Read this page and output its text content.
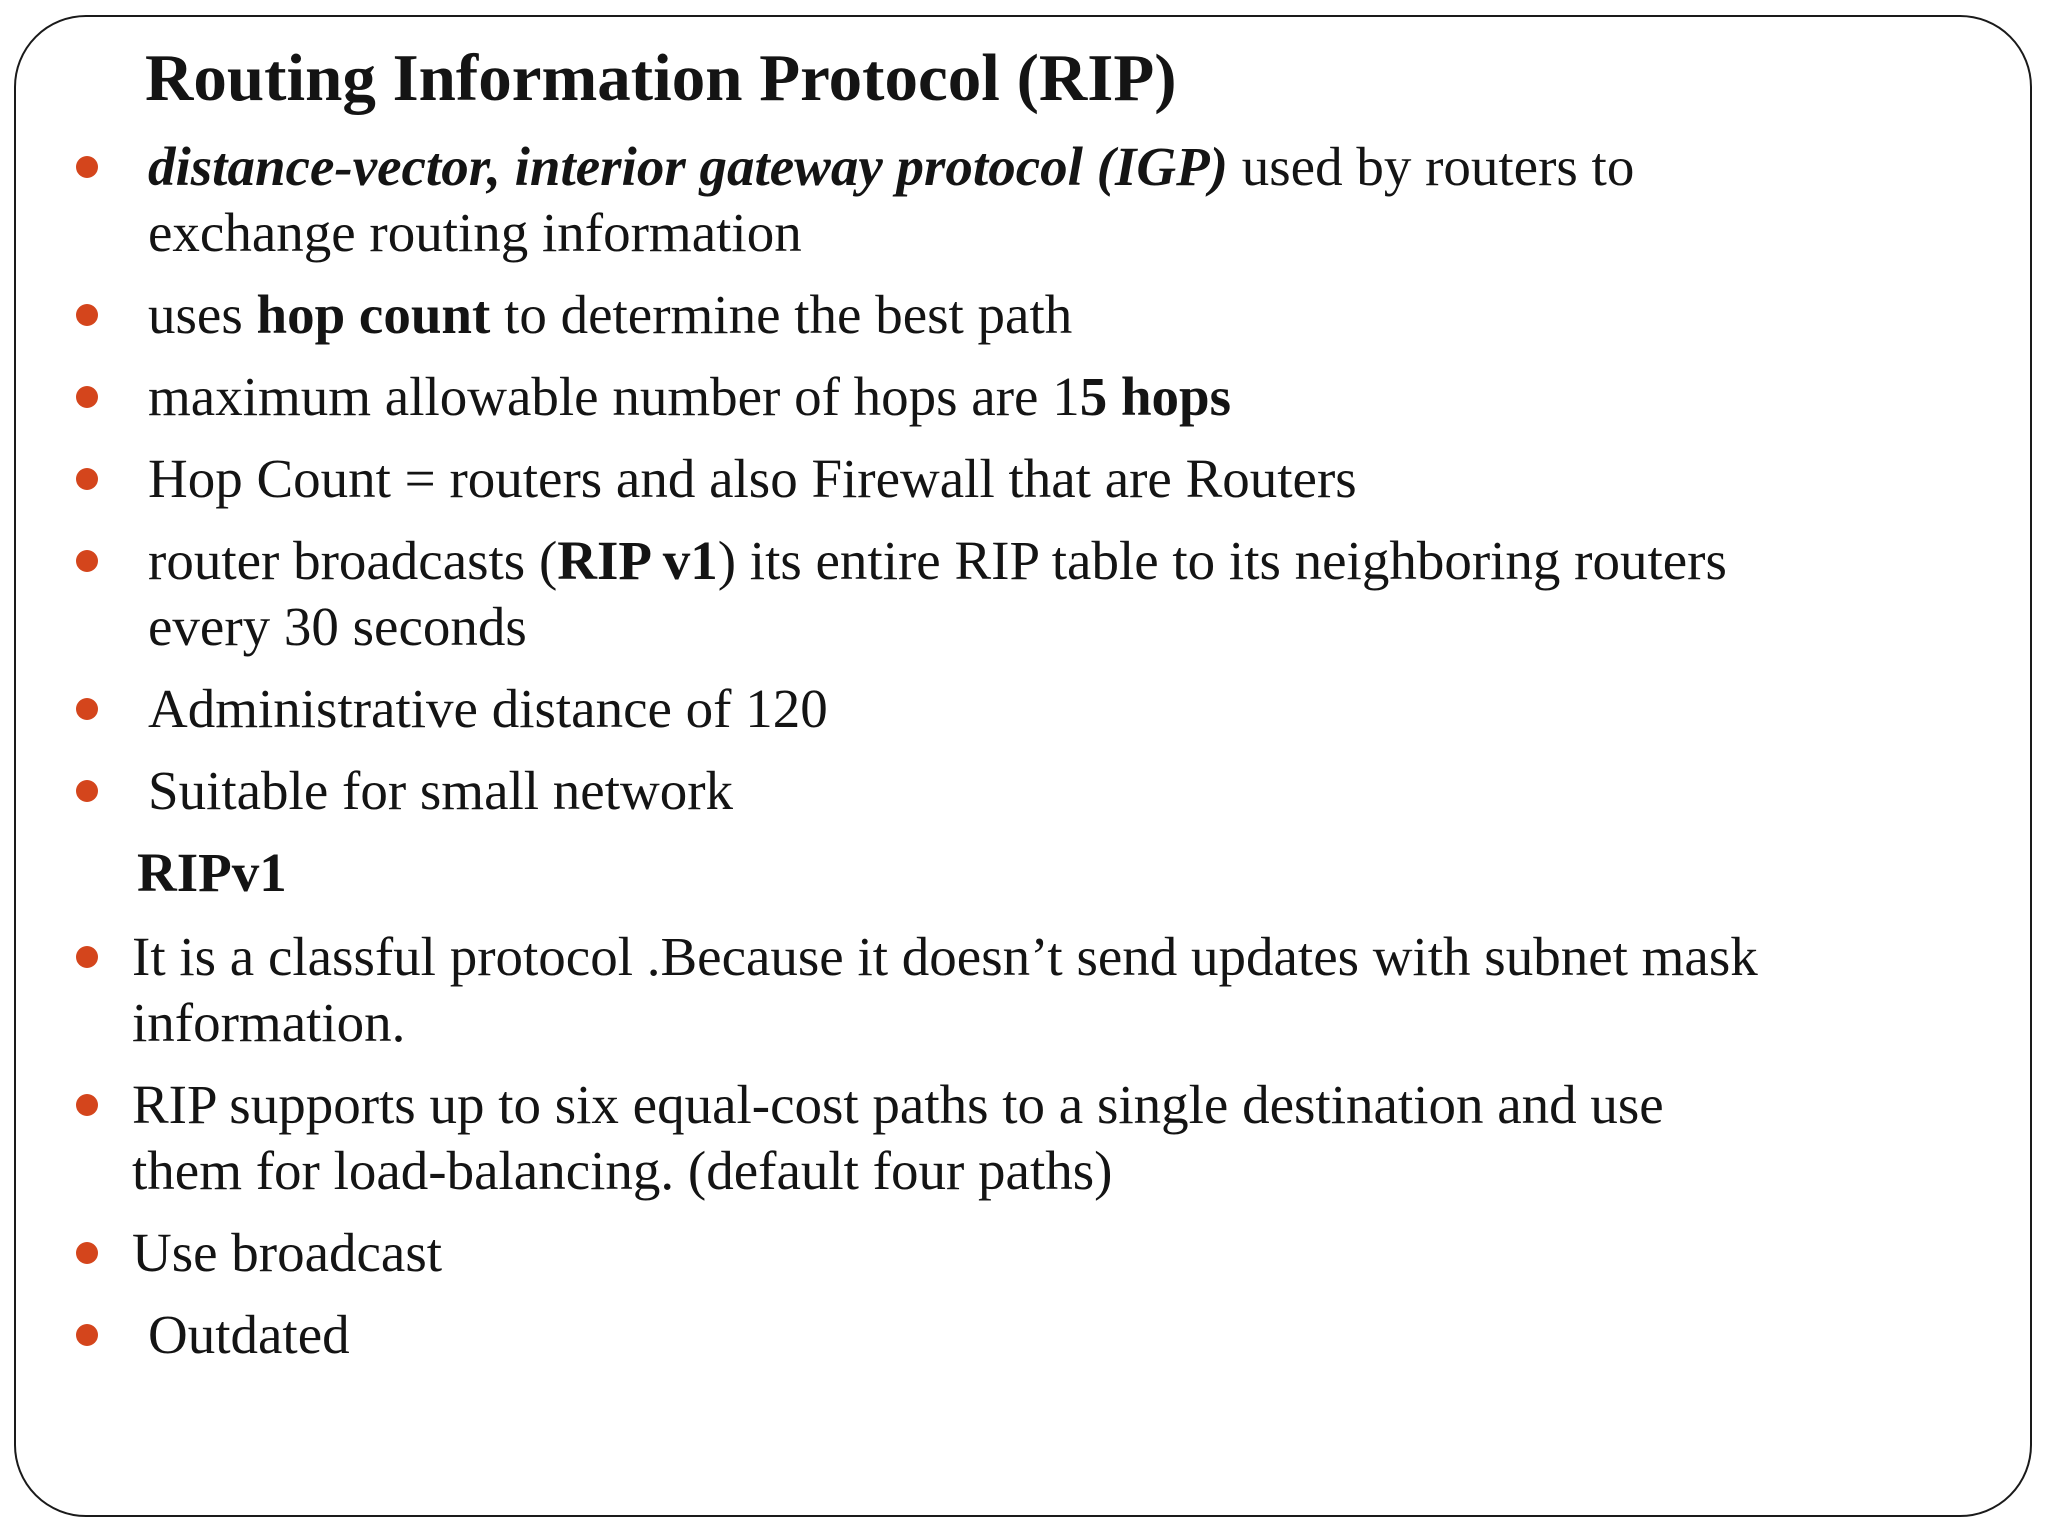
Routing Information Protocol (RIP)
distance-vector, interior gateway protocol (IGP) used by routers to
exchange routing information
uses hop count to determine the best path
maximum allowable number of hops are 15 hops
Hop Count = routers and also Firewall that are Routers
router broadcasts (RIP v1) its entire RIP table to its neighboring routers
every 30 seconds
Administrative distance of 120
Suitable for small network
RIPv1
It is a classful protocol .Because it doesn’t send updates with subnet mask
information.
RIP supports up to six equal-cost paths to a single destination and use
them for load-balancing. (default four paths)
Use broadcast
Outdated
